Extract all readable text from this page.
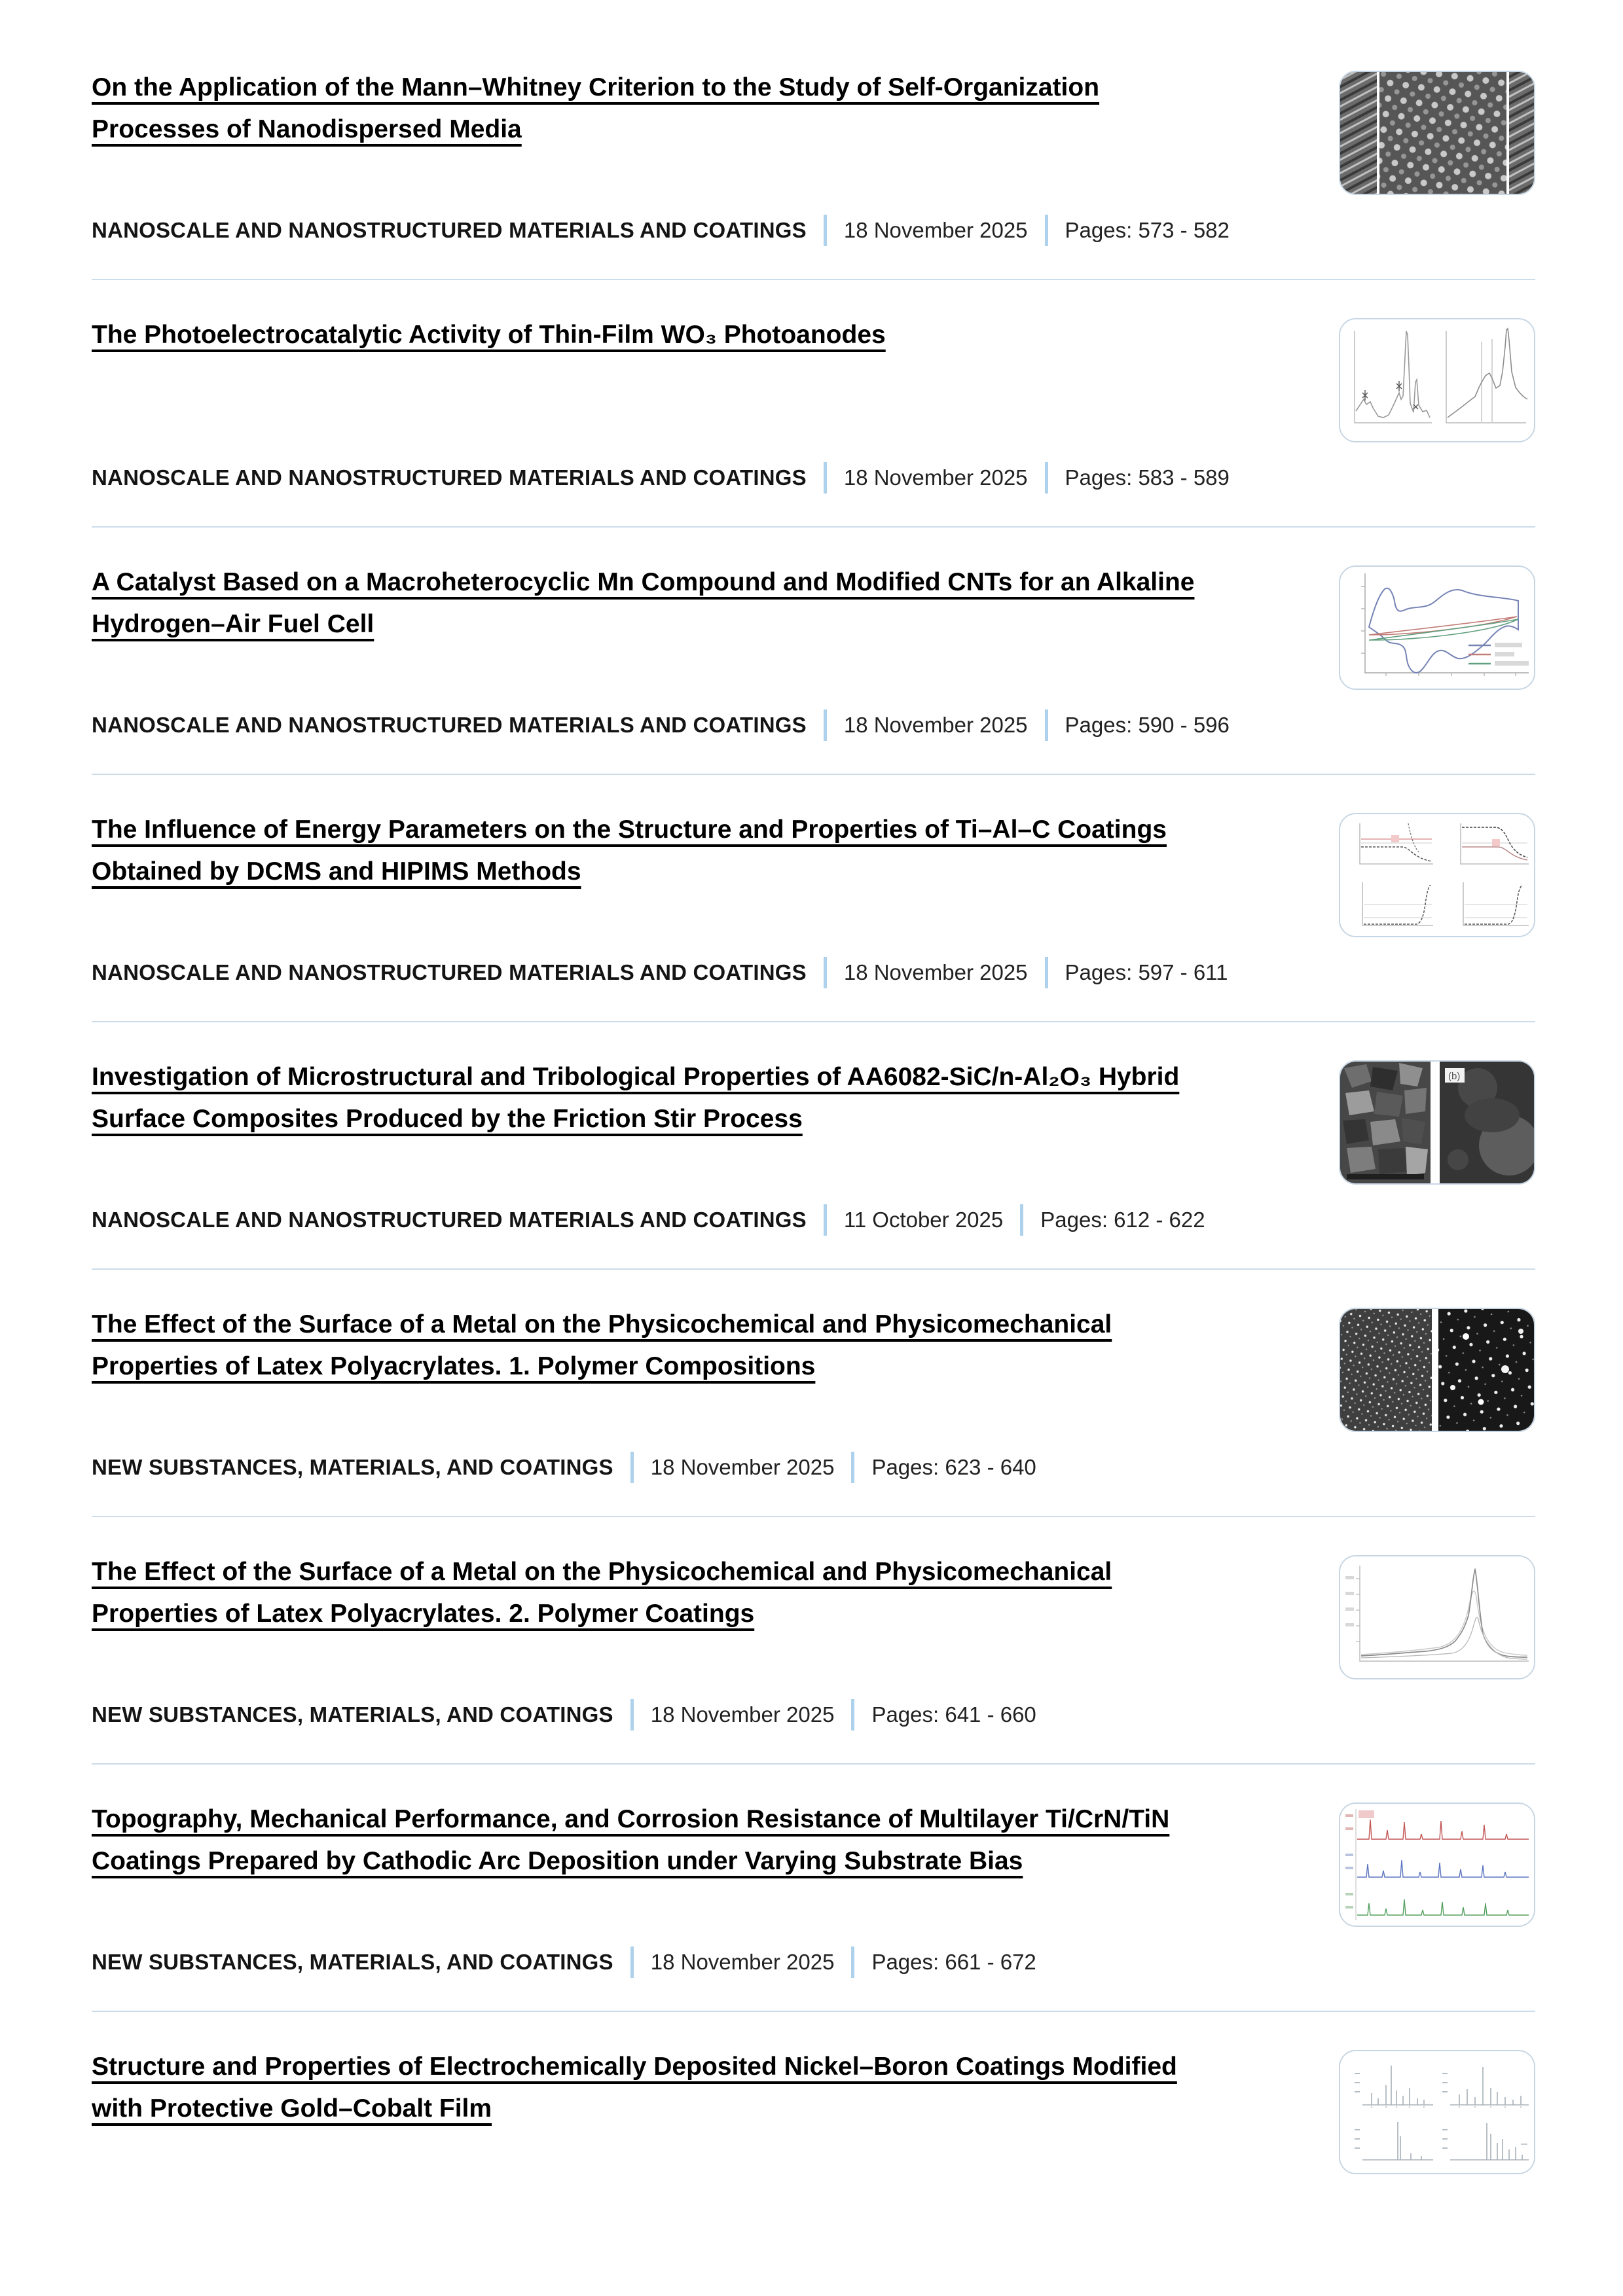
On the Application of the Mann–Whitney Criterion to the Study of Self-Organization
Processes of Nanodispersed Media
NANOSCALE AND NANOSTRUCTURED MATERIALS AND COATINGS 18 November 2025 Pages: 573 - 582
The Photoelectrocatalytic Activity of Thin-Film WO₃ Photoanodes
NANOSCALE AND NANOSTRUCTURED MATERIALS AND COATINGS 18 November 2025 Pages: 583 - 589
A Catalyst Based on a Macroheterocyclic Mn Compound and Modified CNTs for an Alkaline
Hydrogen–Air Fuel Cell
NANOSCALE AND NANOSTRUCTURED MATERIALS AND COATINGS 18 November 2025 Pages: 590 - 596
The Influence of Energy Parameters on the Structure and Properties of Ti–Al–C Coatings
Obtained by DCMS and HIPIMS Methods
NANOSCALE AND NANOSTRUCTURED MATERIALS AND COATINGS 18 November 2025 Pages: 597 - 611
Investigation of Microstructural and Tribological Properties of AA6082-SiC/n-Al₂O₃ Hybrid
Surface Composites Produced by the Friction Stir Process
NANOSCALE AND NANOSTRUCTURED MATERIALS AND COATINGS 11 October 2025 Pages: 612 - 622
(b)
The Effect of the Surface of a Metal on the Physicochemical and Physicomechanical
Properties of Latex Polyacrylates. 1. Polymer Compositions
NEW SUBSTANCES, MATERIALS, AND COATINGS 18 November 2025 Pages: 623 - 640
The Effect of the Surface of a Metal on the Physicochemical and Physicomechanical
Properties of Latex Polyacrylates. 2. Polymer Coatings
NEW SUBSTANCES, MATERIALS, AND COATINGS 18 November 2025 Pages: 641 - 660
Topography, Mechanical Performance, and Corrosion Resistance of Multilayer Ti/CrN/TiN
Coatings Prepared by Cathodic Arc Deposition under Varying Substrate Bias
NEW SUBSTANCES, MATERIALS, AND COATINGS 18 November 2025 Pages: 661 - 672
Structure and Properties of Electrochemically Deposited Nickel–Boron Coatings Modified
with Protective Gold–Cobalt Film
